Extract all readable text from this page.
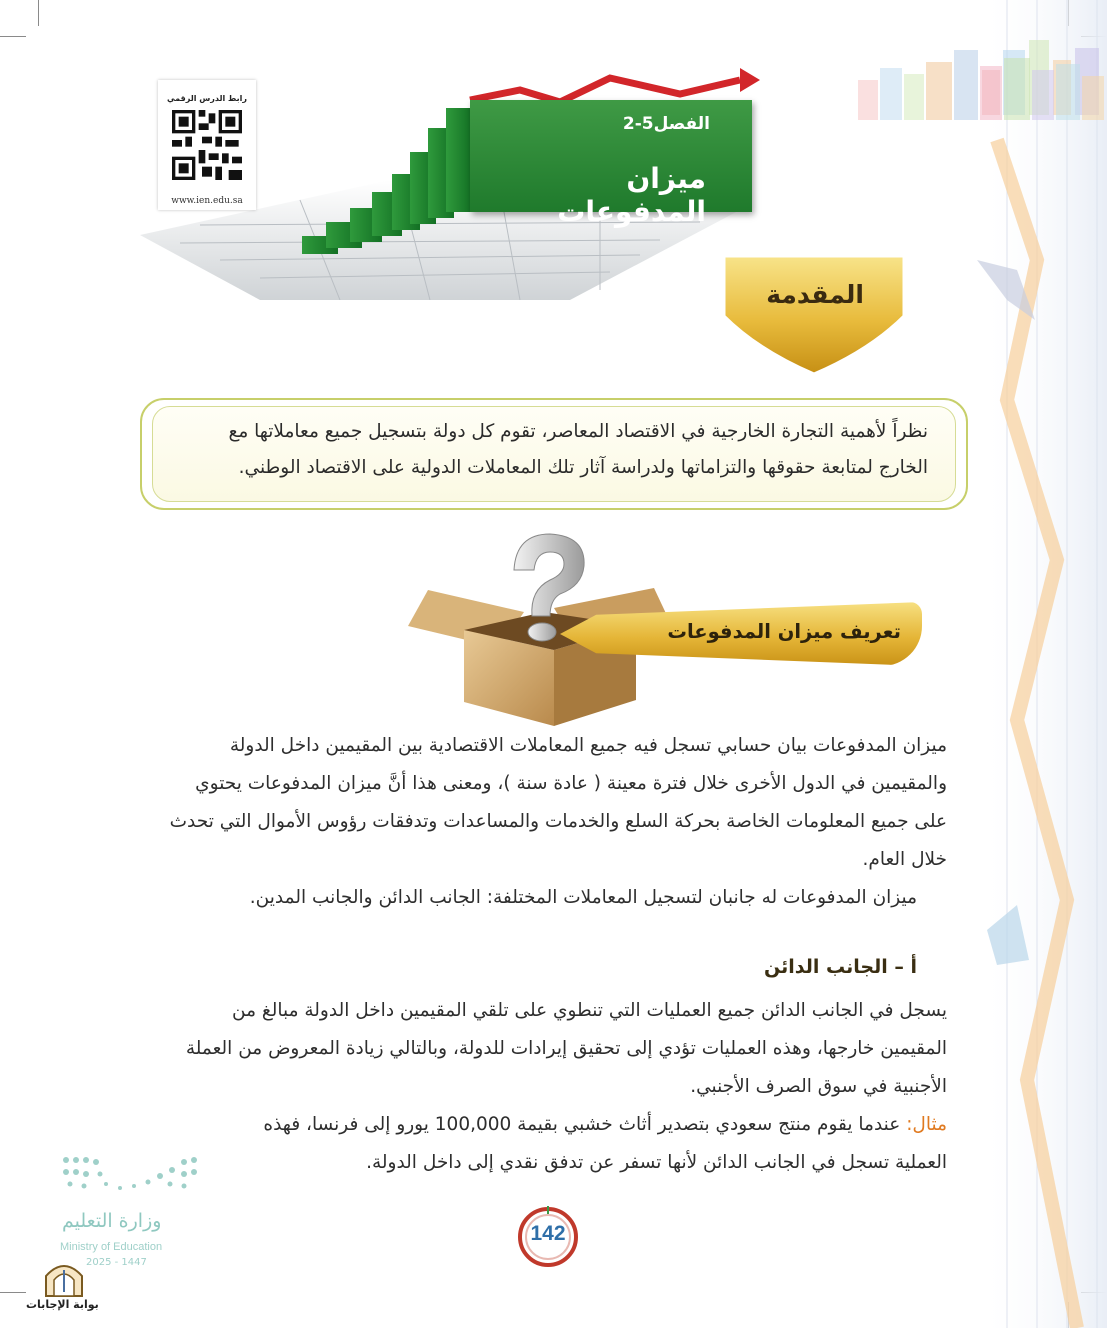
الفصل5-2
ميزان المدفوعات
رابط الدرس الرقمي
www.ien.edu.sa
المقدمة
نظراً لأهمية التجارة الخارجية في الاقتصاد المعاصر، تقوم كل دولة بتسجيل جميع معاملاتها مع
الخارج لمتابعة حقوقها والتزاماتها ولدراسة آثار تلك المعاملات الدولية على الاقتصاد الوطني.
تعريف ميزان المدفوعات
ميزان المدفوعات بيان حسابي تسجل فيه جميع المعاملات الاقتصادية بين المقيمين داخل الدولة
والمقيمين في الدول الأخرى خلال فترة معينة ( عادة سنة )، ومعنى هذا أنَّ ميزان المدفوعات يحتوي
على جميع المعلومات الخاصة بحركة السلع والخدمات والمساعدات وتدفقات رؤوس الأموال التي تحدث
خلال العام.
ميزان المدفوعات له جانبان لتسجيل المعاملات المختلفة: الجانب الدائن والجانب المدين.
أ – الجانب الدائن
يسجل في الجانب الدائن جميع العمليات التي تنطوي على تلقي المقيمين داخل الدولة مبالغ من
المقيمين خارجها، وهذه العمليات تؤدي إلى تحقيق إيرادات للدولة، وبالتالي زيادة المعروض من العملة
الأجنبية في سوق الصرف الأجنبي.
مثال: عندما يقوم منتج سعودي بتصدير أثاث خشبي بقيمة 100,000 يورو إلى فرنسا، فهذه
العملية تسجل في الجانب الدائن لأنها تسفر عن تدفق نقدي إلى داخل الدولة.
142
وزارة التعليم
Ministry of Education
2025 - 1447
بوابة الإجابات
